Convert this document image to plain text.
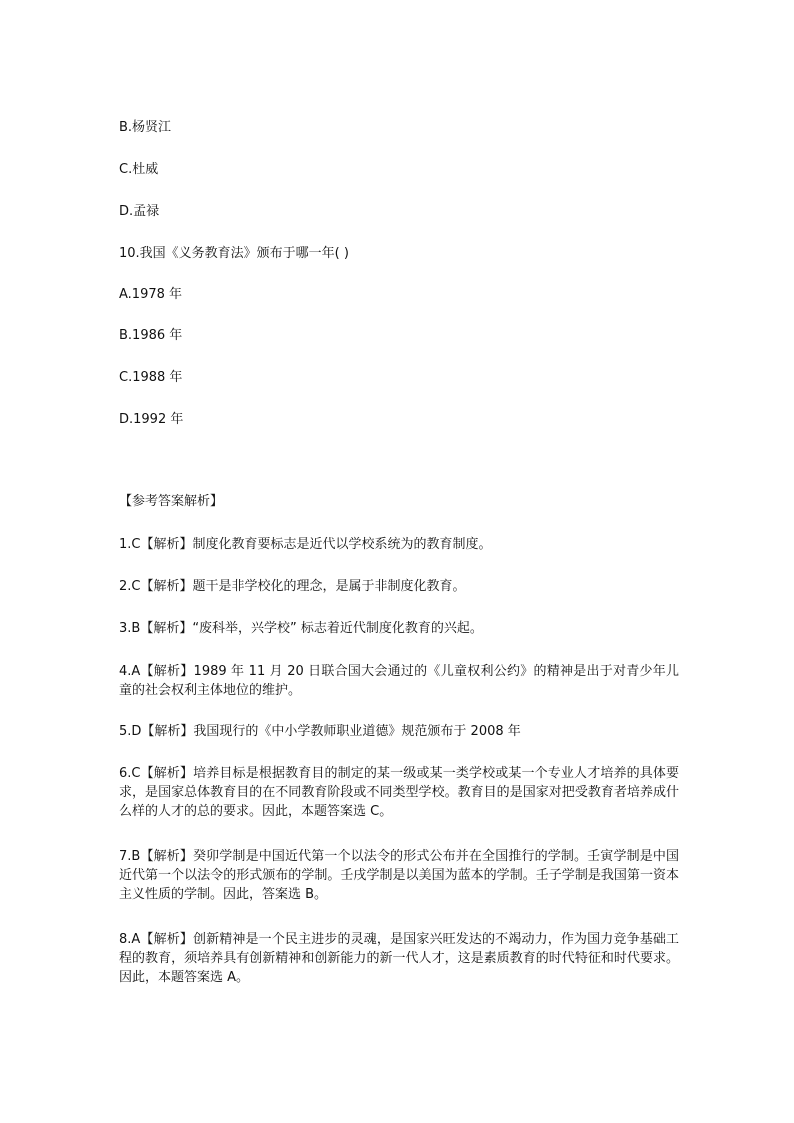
B.杨贤江
C.杜威
D.孟禄
10.我国《义务教育法》颁布于哪一年( )
A.1978 年
B.1986 年
C.1988 年
D.1992 年
【参考答案解析】
1.C【解析】制度化教育要标志是近代以学校系统为的教育制度。
2.C【解析】题干是非学校化的理念，是属于非制度化教育。
3.B【解析】“废科举，兴学校” 标志着近代制度化教育的兴起。
4.A【解析】1989 年 11 月 20 日联合国大会通过的《儿童权利公约》的精神是出于对青少年儿童的社会权利主体地位的维护。
5.D【解析】我国现行的《中小学教师职业道德》规范颁布于 2008 年
6.C【解析】培养目标是根据教育目的制定的某一级或某一类学校或某一个专业人才培养的具体要求，是国家总体教育目的在不同教育阶段或不同类型学校。教育目的是国家对把受教育者培养成什么样的人才的总的要求。因此，本题答案选 C。
7.B【解析】癸卯学制是中国近代第一个以法令的形式公布并在全国推行的学制。壬寅学制是中国近代第一个以法令的形式颁布的学制。壬戌学制是以美国为蓝本的学制。壬子学制是我国第一资本主义性质的学制。因此，答案选 B。
8.A【解析】创新精神是一个民主进步的灵魂，是国家兴旺发达的不竭动力，作为国力竞争基础工程的教育，须培养具有创新精神和创新能力的新一代人才，这是素质教育的时代特征和时代要求。因此，本题答案选 A。
